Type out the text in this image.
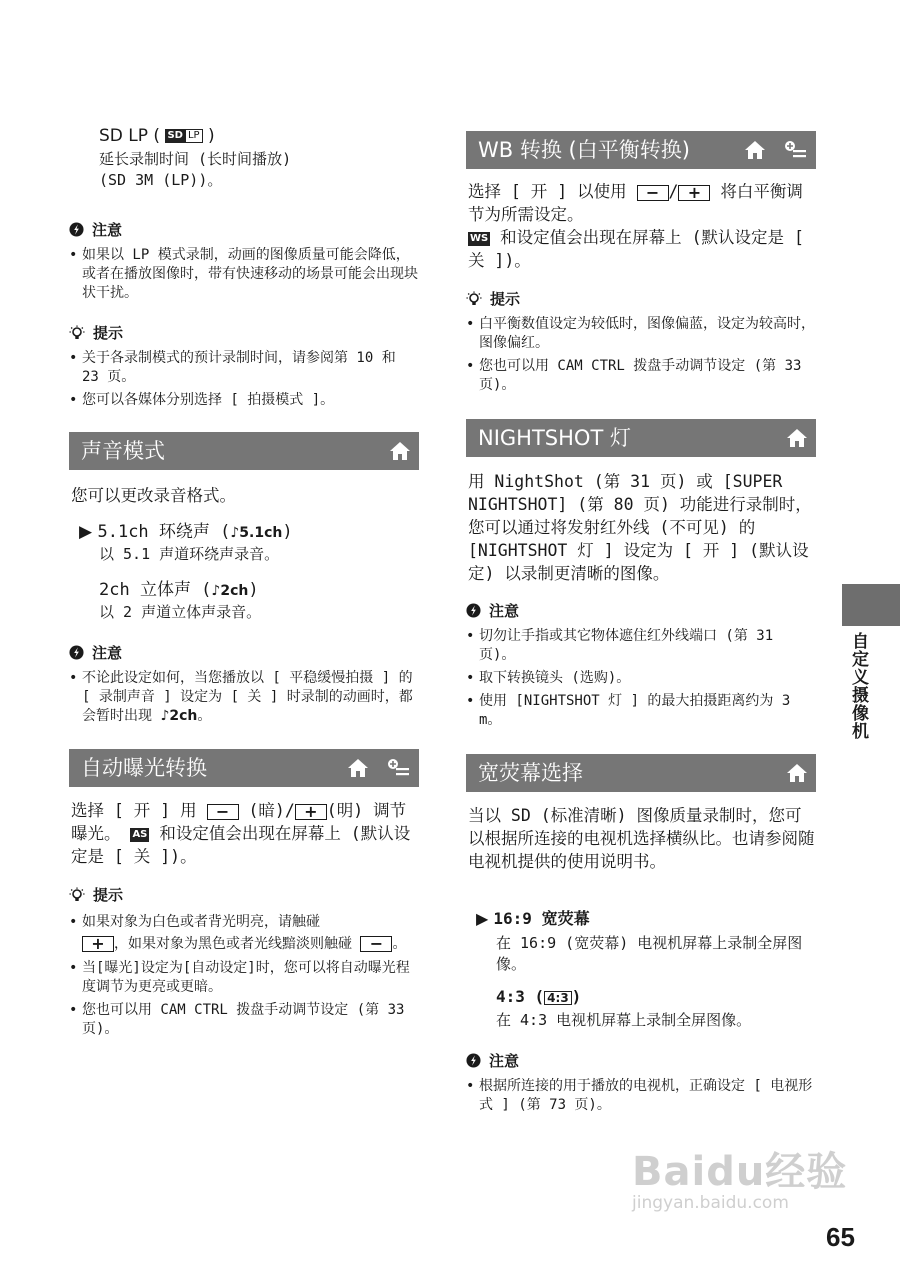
SD LP ( SD LP )
延长录制时间 (长时间播放)
(SD 3M (LP))。
注意
• 如果以 LP 模式录制，动画的图像质量可能会降低，或者在播放图像时，带有快速移动的场景可能会出现块状干扰。
提示
• 关于各录制模式的预计录制时间，请参阅第 10 和 23 页。
• 您可以各媒体分别选择 [ 拍摄模式 ]。
声音模式
您可以更改录音格式。
▶ 5.1ch 环绕声 (♪5.1ch)
以 5.1 声道环绕声录音。
2ch 立体声 (♪2ch)
以 2 声道立体声录音。
注意
• 不论此设定如何，当您播放以 [ 平稳缓慢拍摄 ] 的 [ 录制声音 ] 设定为 [ 关 ] 时录制的动画时，都会暂时出现 ♪2ch。
自动曝光转换
选择 [ 开 ] 用 − (暗)/ + (明) 调节曝光。 AS 和设定值会出现在屏幕上 (默认设定是 [ 关 ])。
提示
• 如果对象为白色或者背光明亮，请触碰
+ ，如果对象为黑色或者光线黯淡则触碰 − 。
• 当[曝光]设定为[自动设定]时，您可以将自动曝光程度调节为更亮或更暗。
• 您也可以用 CAM CTRL 拨盘手动调节设定 (第 33 页)。
WB 转换 (白平衡转换)
选择 [ 开 ] 以使用 − / + 将白平衡调节为所需设定。
WS 和设定值会出现在屏幕上 (默认设定是 [ 关 ])。
提示
• 白平衡数值设定为较低时，图像偏蓝，设定为较高时，图像偏红。
• 您也可以用 CAM CTRL 拨盘手动调节设定 (第 33 页)。
NIGHTSHOT 灯
用 NightShot (第 31 页) 或 [SUPER NIGHTSHOT] (第 80 页) 功能进行录制时，您可以通过将发射红外线 (不可见) 的 [NIGHTSHOT 灯 ] 设定为 [ 开 ] (默认设定) 以录制更清晰的图像。
注意
• 切勿让手指或其它物体遮住红外线端口 (第 31 页)。
• 取下转换镜头 (选购)。
• 使用 [NIGHTSHOT 灯 ] 的最大拍摄距离约为 3 m。
宽荧幕选择
当以 SD (标准清晰) 图像质量录制时，您可以根据所连接的电视机选择横纵比。也请参阅随电视机提供的使用说明书。
▶ 16:9 宽荧幕
在 16:9 (宽荧幕) 电视机屏幕上录制全屏图像。
4:3 ( 4:3 )
在 4:3 电视机屏幕上录制全屏图像。
注意
• 根据所连接的用于播放的电视机，正确设定 [ 电视形式 ] (第 73 页)。
自定义摄像机
Baidu经验
jingyan.baidu.com
65
